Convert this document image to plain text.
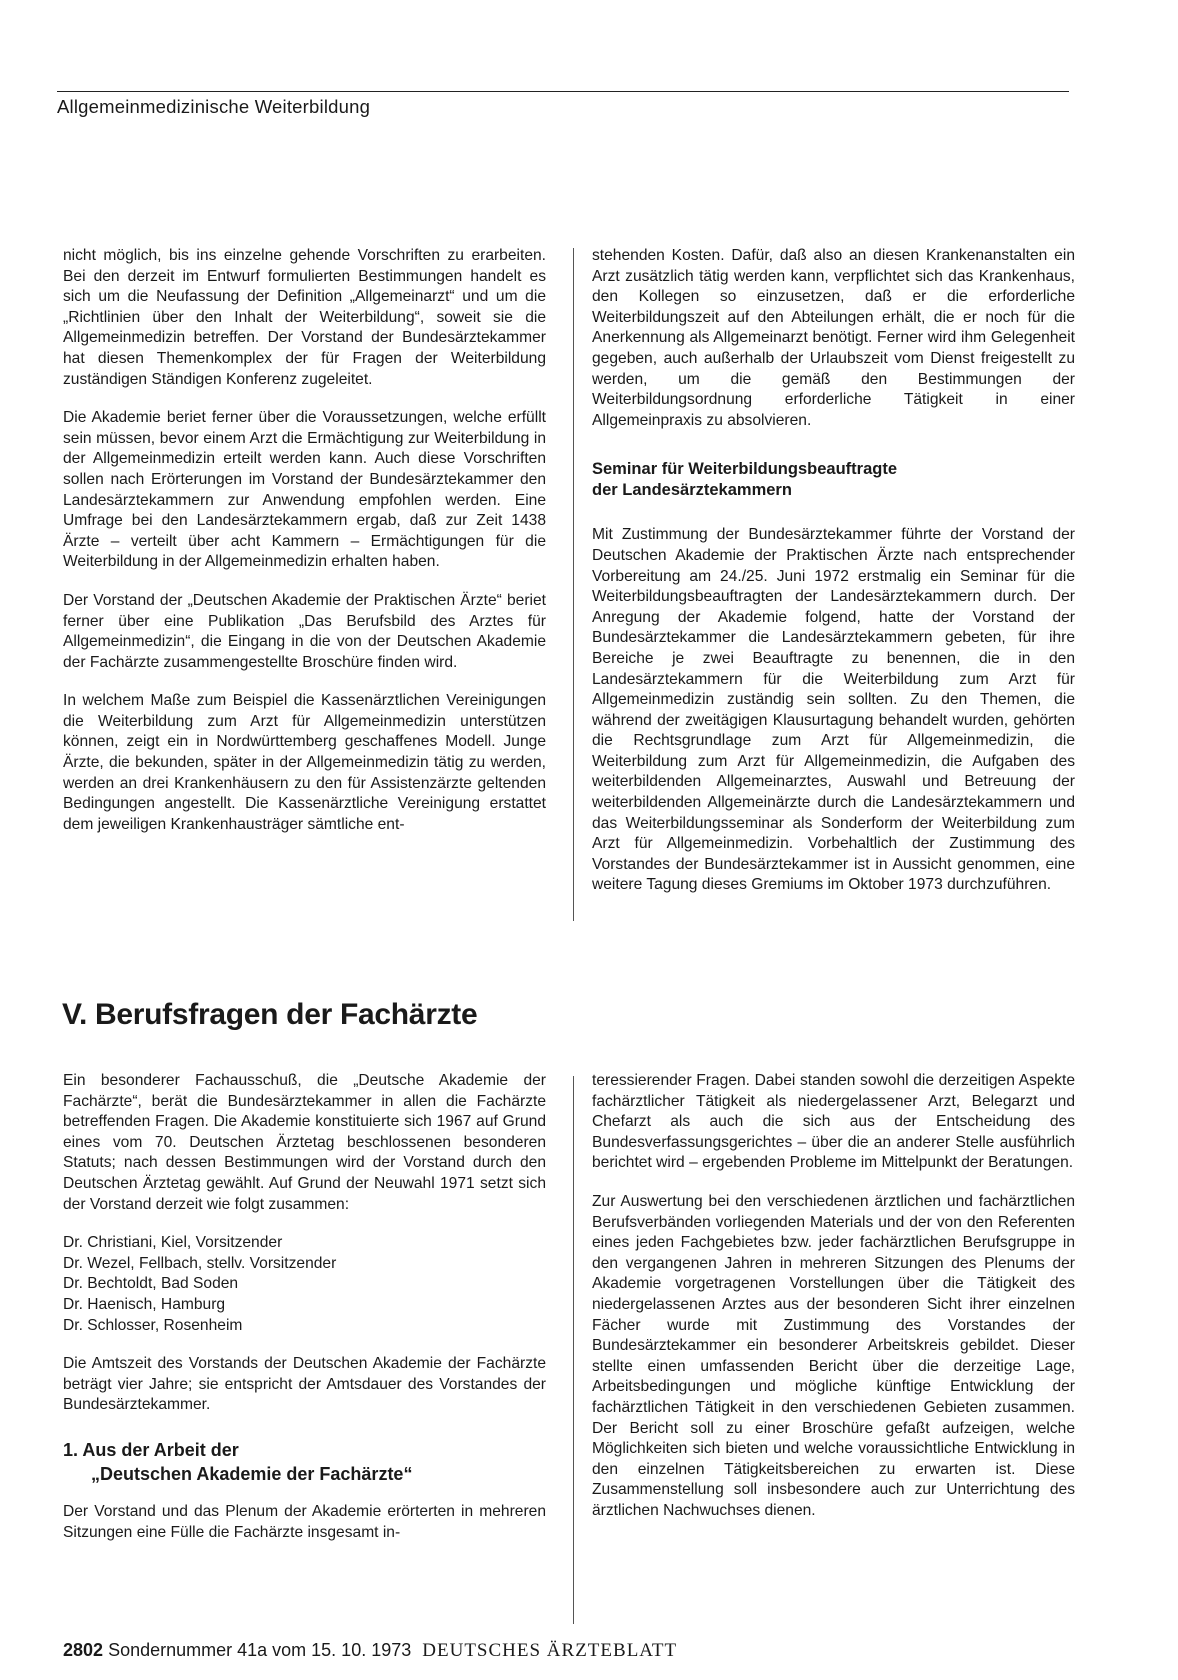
Allgemeinmedizinische Weiterbildung

nicht möglich, bis ins einzelne gehende Vorschriften zu erarbeiten. Bei den derzeit im Entwurf formulierten Bestimmungen handelt es sich um die Neufassung der Definition „Allgemeinarzt“ und um die „Richtlinien über den Inhalt der Weiterbildung“, soweit sie die Allgemeinmedizin betreffen. Der Vorstand der Bundesärztekammer hat diesen Themenkomplex der für Fragen der Weiterbildung zuständigen Ständigen Konferenz zugeleitet.

Die Akademie beriet ferner über die Voraussetzungen, welche erfüllt sein müssen, bevor einem Arzt die Ermächtigung zur Weiterbildung in der Allgemeinmedizin erteilt werden kann. Auch diese Vorschriften sollen nach Erörterungen im Vorstand der Bundesärztekammer den Landesärztekammern zur Anwendung empfohlen werden. Eine Umfrage bei den Landesärztekammern ergab, daß zur Zeit 1438 Ärzte – verteilt über acht Kammern – Ermächtigungen für die Weiterbildung in der Allgemeinmedizin erhalten haben.

Der Vorstand der „Deutschen Akademie der Praktischen Ärzte“ beriet ferner über eine Publikation „Das Berufsbild des Arztes für Allgemeinmedizin“, die Eingang in die von der Deutschen Akademie der Fachärzte zusammengestellte Broschüre finden wird.

In welchem Maße zum Beispiel die Kassenärztlichen Vereinigungen die Weiterbildung zum Arzt für Allgemeinmedizin unterstützen können, zeigt ein in Nordwürttemberg geschaffenes Modell. Junge Ärzte, die bekunden, später in der Allgemeinmedizin tätig zu werden, werden an drei Krankenhäusern zu den für Assistenzärzte geltenden Bedingungen angestellt. Die Kassenärztliche Vereinigung erstattet dem jeweiligen Krankenhausträger sämtliche ent-

stehenden Kosten. Dafür, daß also an diesen Krankenanstalten ein Arzt zusätzlich tätig werden kann, verpflichtet sich das Krankenhaus, den Kollegen so einzusetzen, daß er die erforderliche Weiterbildungszeit auf den Abteilungen erhält, die er noch für die Anerkennung als Allgemeinarzt benötigt. Ferner wird ihm Gelegenheit gegeben, auch außerhalb der Urlaubszeit vom Dienst freigestellt zu werden, um die gemäß den Bestimmungen der Weiterbildungsordnung erforderliche Tätigkeit in einer Allgemeinpraxis zu absolvieren.

Seminar für Weiterbildungsbeauftragte
der Landesärztekammern

Mit Zustimmung der Bundesärztekammer führte der Vorstand der Deutschen Akademie der Praktischen Ärzte nach entsprechender Vorbereitung am 24./25. Juni 1972 erstmalig ein Seminar für die Weiterbildungsbeauftragten der Landesärztekammern durch. Der Anregung der Akademie folgend, hatte der Vorstand der Bundesärztekammer die Landesärztekammern gebeten, für ihre Bereiche je zwei Beauftragte zu benennen, die in den Landesärztekammern für die Weiterbildung zum Arzt für Allgemeinmedizin zuständig sein sollten. Zu den Themen, die während der zweitägigen Klausurtagung behandelt wurden, gehörten die Rechtsgrundlage zum Arzt für Allgemeinmedizin, die Weiterbildung zum Arzt für Allgemeinmedizin, die Aufgaben des weiterbildenden Allgemeinarztes, Auswahl und Betreuung der weiterbildenden Allgemeinärzte durch die Landesärztekammern und das Weiterbildungsseminar als Sonderform der Weiterbildung zum Arzt für Allgemeinmedizin. Vorbehaltlich der Zustimmung des Vorstandes der Bundesärztekammer ist in Aussicht genommen, eine weitere Tagung dieses Gremiums im Oktober 1973 durchzuführen.

V. Berufsfragen der Fachärzte

Ein besonderer Fachausschuß, die „Deutsche Akademie der Fachärzte“, berät die Bundesärztekammer in allen die Fachärzte betreffenden Fragen. Die Akademie konstituierte sich 1967 auf Grund eines vom 70. Deutschen Ärztetag beschlossenen besonderen Statuts; nach dessen Bestimmungen wird der Vorstand durch den Deutschen Ärztetag gewählt. Auf Grund der Neuwahl 1971 setzt sich der Vorstand derzeit wie folgt zusammen:

Dr. Christiani, Kiel, Vorsitzender
Dr. Wezel, Fellbach, stellv. Vorsitzender
Dr. Bechtoldt, Bad Soden
Dr. Haenisch, Hamburg
Dr. Schlosser, Rosenheim

Die Amtszeit des Vorstands der Deutschen Akademie der Fachärzte beträgt vier Jahre; sie entspricht der Amtsdauer des Vorstandes der Bundesärztekammer.

1. Aus der Arbeit der
„Deutschen Akademie der Fachärzte“

Der Vorstand und das Plenum der Akademie erörterten in mehreren Sitzungen eine Fülle die Fachärzte insgesamt in-

teressierender Fragen. Dabei standen sowohl die derzeitigen Aspekte fachärztlicher Tätigkeit als niedergelassener Arzt, Belegarzt und Chefarzt als auch die sich aus der Entscheidung des Bundesverfassungsgerichtes – über die an anderer Stelle ausführlich berichtet wird – ergebenden Probleme im Mittelpunkt der Beratungen.

Zur Auswertung bei den verschiedenen ärztlichen und fachärztlichen Berufsverbänden vorliegenden Materials und der von den Referenten eines jeden Fachgebietes bzw. jeder fachärztlichen Berufsgruppe in den vergangenen Jahren in mehreren Sitzungen des Plenums der Akademie vorgetragenen Vorstellungen über die Tätigkeit des niedergelassenen Arztes aus der besonderen Sicht ihrer einzelnen Fächer wurde mit Zustimmung des Vorstandes der Bundesärztekammer ein besonderer Arbeitskreis gebildet. Dieser stellte einen umfassenden Bericht über die derzeitige Lage, Arbeitsbedingungen und mögliche künftige Entwicklung der fachärztlichen Tätigkeit in den verschiedenen Gebieten zusammen. Der Bericht soll zu einer Broschüre gefaßt aufzeigen, welche Möglichkeiten sich bieten und welche voraussichtliche Entwicklung in den einzelnen Tätigkeitsbereichen zu erwarten ist. Diese Zusammenstellung soll insbesondere auch zur Unterrichtung des ärztlichen Nachwuchses dienen.

2802 Sondernummer 41a vom 15. 10. 1973 DEUTSCHES ÄRZTEBLATT
